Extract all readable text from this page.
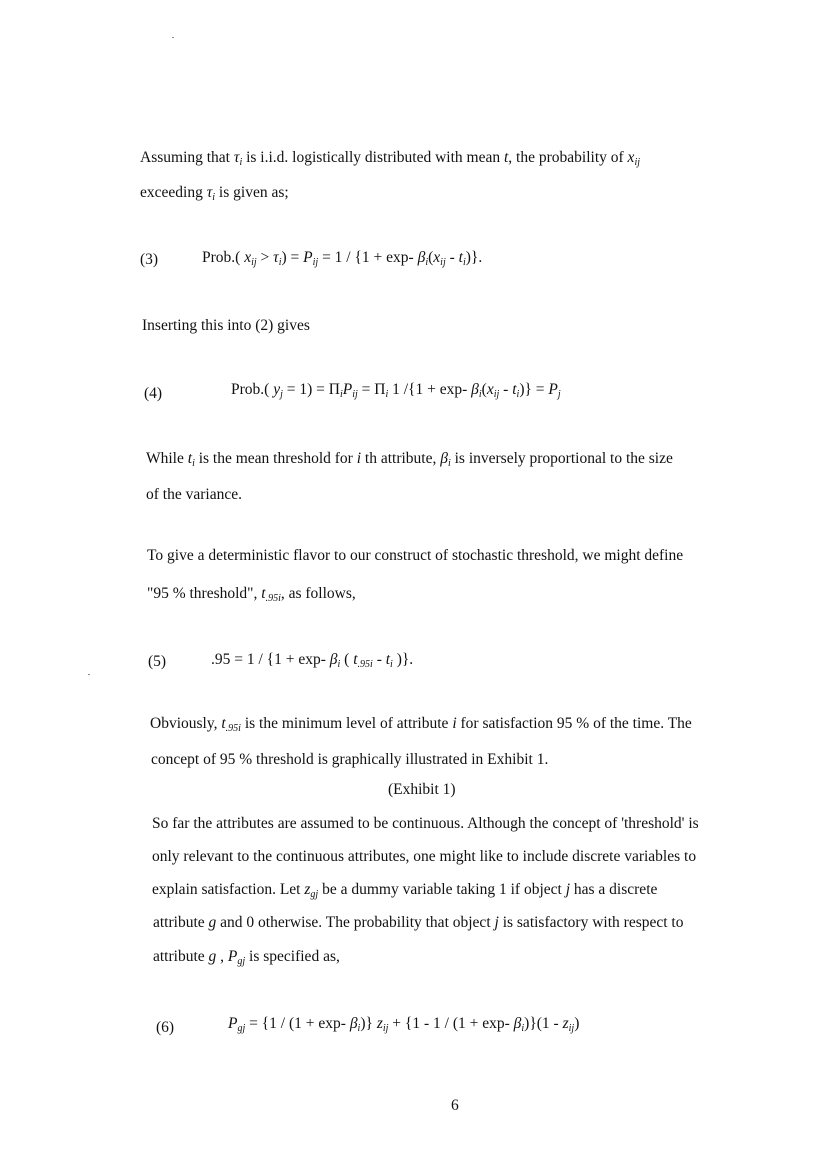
Assuming that $\tau_i$ is i.i.d. logistically distributed with mean t, the probability of $x_{ij}$
exceeding $\tau_i$ is given as;
(3)	Prob.( $x_{ij} > \tau_i) = P_{ij} = 1 / \{1 + \exp-$ $\beta_i(x_{ij} - t_i)$}.
Inserting this into (2) gives
(4)	Prob.( $y_j = 1) = \Pi_iP_{ij} = \Pi_i$ 1 /{1 + exp- $\beta_i(x_{ij} - t_i)\} = P_j$
While $t_i$ is the mean threshold for i th attribute, $\beta_i$ is inversely proportional to the size
of the variance.
To give a deterministic flavor to our construct of stochastic threshold, we might define
"95 % threshold", $t_{.95i}$, as follows,
(5)	.95 = 1 / {1 + exp- $\beta_i$ ( $t_{.95i} - t_i$ )}.
Obviously, $t_{.95i}$ is the minimum level of attribute i for satisfaction 95 % of the time. The
concept of 95 % threshold is graphically illustrated in Exhibit 1.
(Exhibit 1)
So far the attributes are assumed to be continuous. Although the concept of 'threshold' is
only relevant to the continuous attributes, one might like to include discrete variables to
explain satisfaction. Let $z_{gj}$ be a dummy variable taking 1 if object j has a discrete
attribute g and 0 otherwise. The probability that object j is satisfactory with respect to
attribute g , $P_{gj}$ is specified as,
(6)	$P_{gj} = \{1 / (1 + \exp-$ $\beta_i$)} $z_{ij} + \{1 - 1 / (1 + \exp-$ $\beta_i)\}(1 - z_{ij})$
6
